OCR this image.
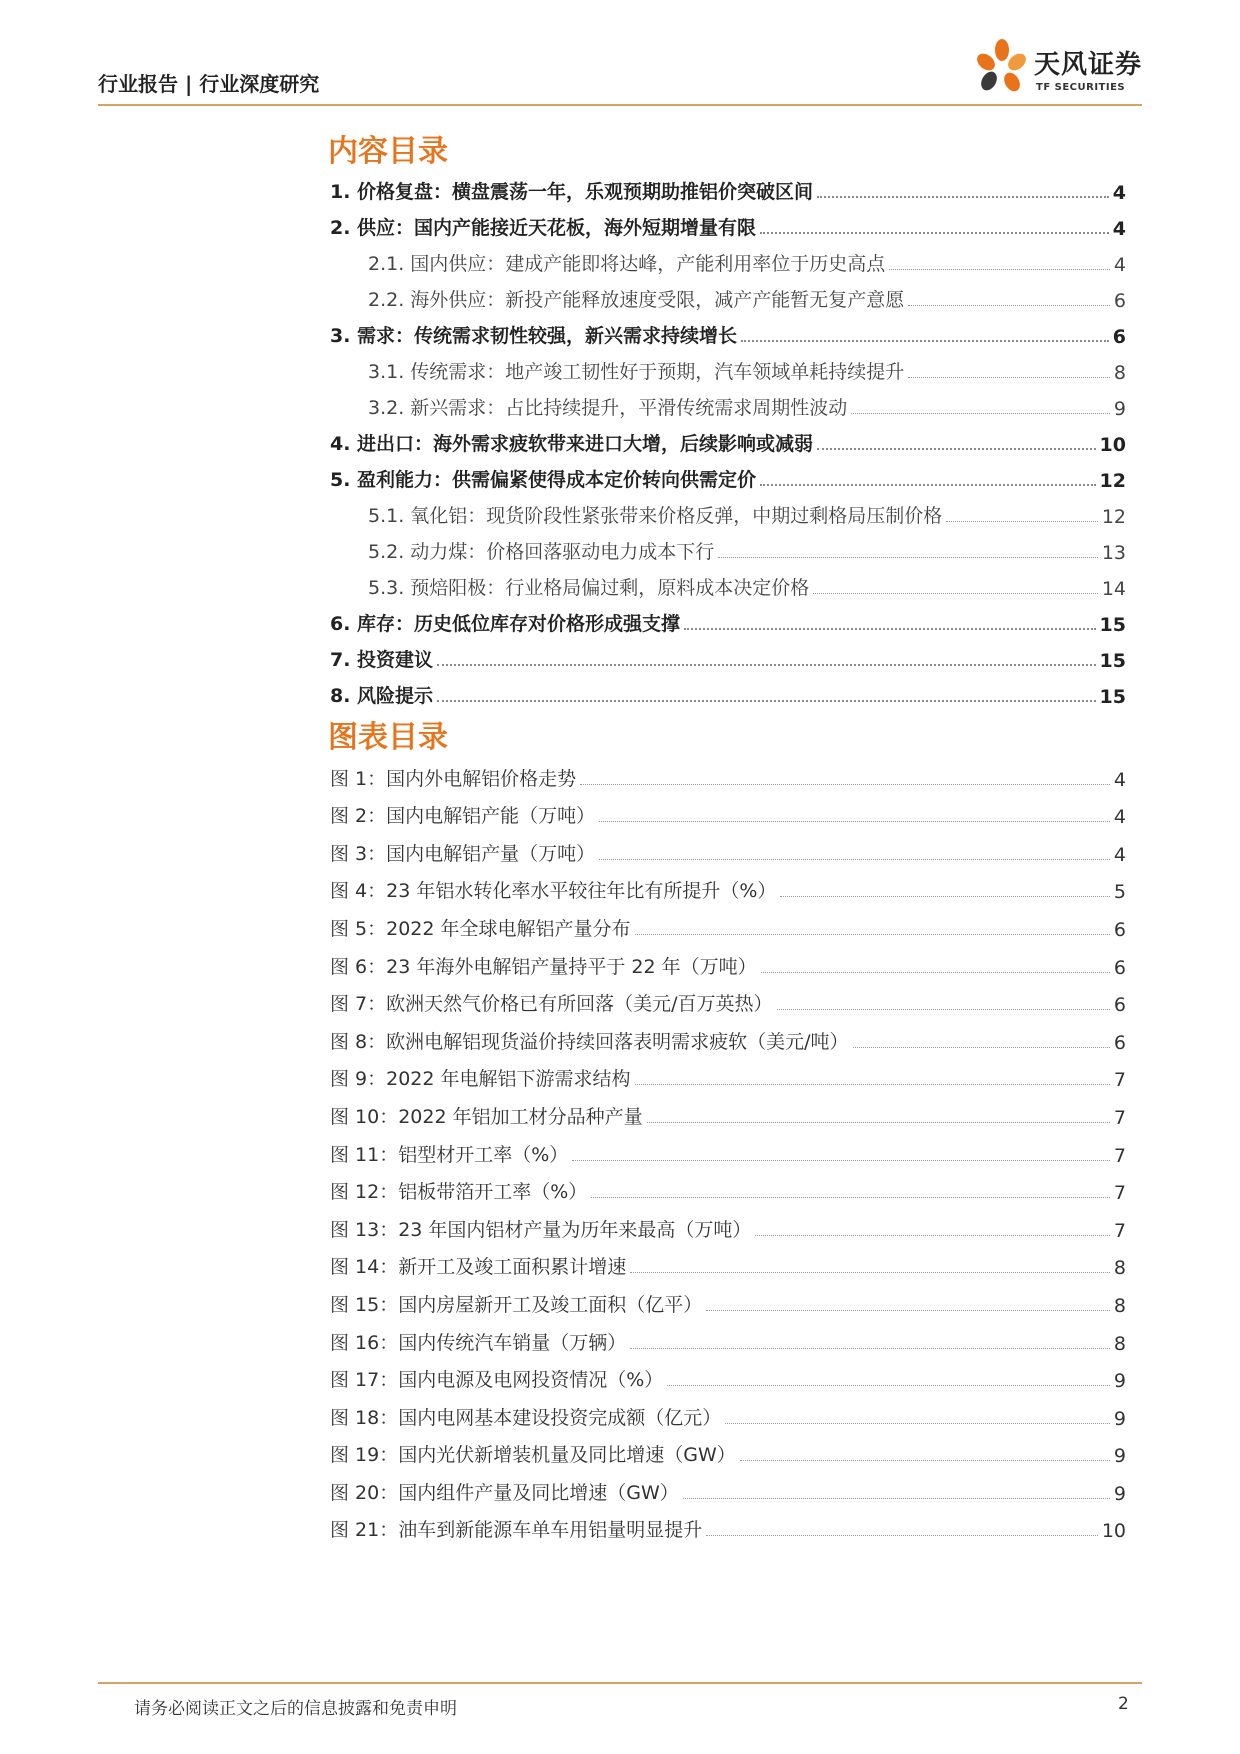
行业报告 | 行业深度研究
天风证券
TF SECURITIES
内容目录
1. 价格复盘：横盘震荡一年，乐观预期助推铝价突破区间	4
2. 供应：国内产能接近天花板，海外短期增量有限	4
2.1. 国内供应：建成产能即将达峰，产能利用率位于历史高点	4
2.2. 海外供应：新投产能释放速度受限，减产产能暂无复产意愿	6
3. 需求：传统需求韧性较强，新兴需求持续增长	6
3.1. 传统需求：地产竣工韧性好于预期，汽车领域单耗持续提升	8
3.2. 新兴需求：占比持续提升，平滑传统需求周期性波动	9
4. 进出口：海外需求疲软带来进口大增，后续影响或减弱	10
5. 盈利能力：供需偏紧使得成本定价转向供需定价	12
5.1. 氧化铝：现货阶段性紧张带来价格反弹，中期过剩格局压制价格	12
5.2. 动力煤：价格回落驱动电力成本下行	13
5.3. 预焙阳极：行业格局偏过剩，原料成本决定价格	14
6. 库存：历史低位库存对价格形成强支撑	15
7. 投资建议	15
8. 风险提示	15
图表目录
图 1：国内外电解铝价格走势	4
图 2：国内电解铝产能（万吨）	4
图 3：国内电解铝产量（万吨）	4
图 4：23 年铝水转化率水平较往年比有所提升（%）	5
图 5：2022 年全球电解铝产量分布	6
图 6：23 年海外电解铝产量持平于 22 年（万吨）	6
图 7：欧洲天然气价格已有所回落（美元/百万英热）	6
图 8：欧洲电解铝现货溢价持续回落表明需求疲软（美元/吨）	6
图 9：2022 年电解铝下游需求结构	7
图 10：2022 年铝加工材分品种产量	7
图 11：铝型材开工率（%）	7
图 12：铝板带箔开工率（%）	7
图 13：23 年国内铝材产量为历年来最高（万吨）	7
图 14：新开工及竣工面积累计增速	8
图 15：国内房屋新开工及竣工面积（亿平）	8
图 16：国内传统汽车销量（万辆）	8
图 17：国内电源及电网投资情况（%）	9
图 18：国内电网基本建设投资完成额（亿元）	9
图 19：国内光伏新增装机量及同比增速（GW）	9
图 20：国内组件产量及同比增速（GW）	9
图 21：油车到新能源车单车用铝量明显提升	10
请务必阅读正文之后的信息披露和免责申明	2
